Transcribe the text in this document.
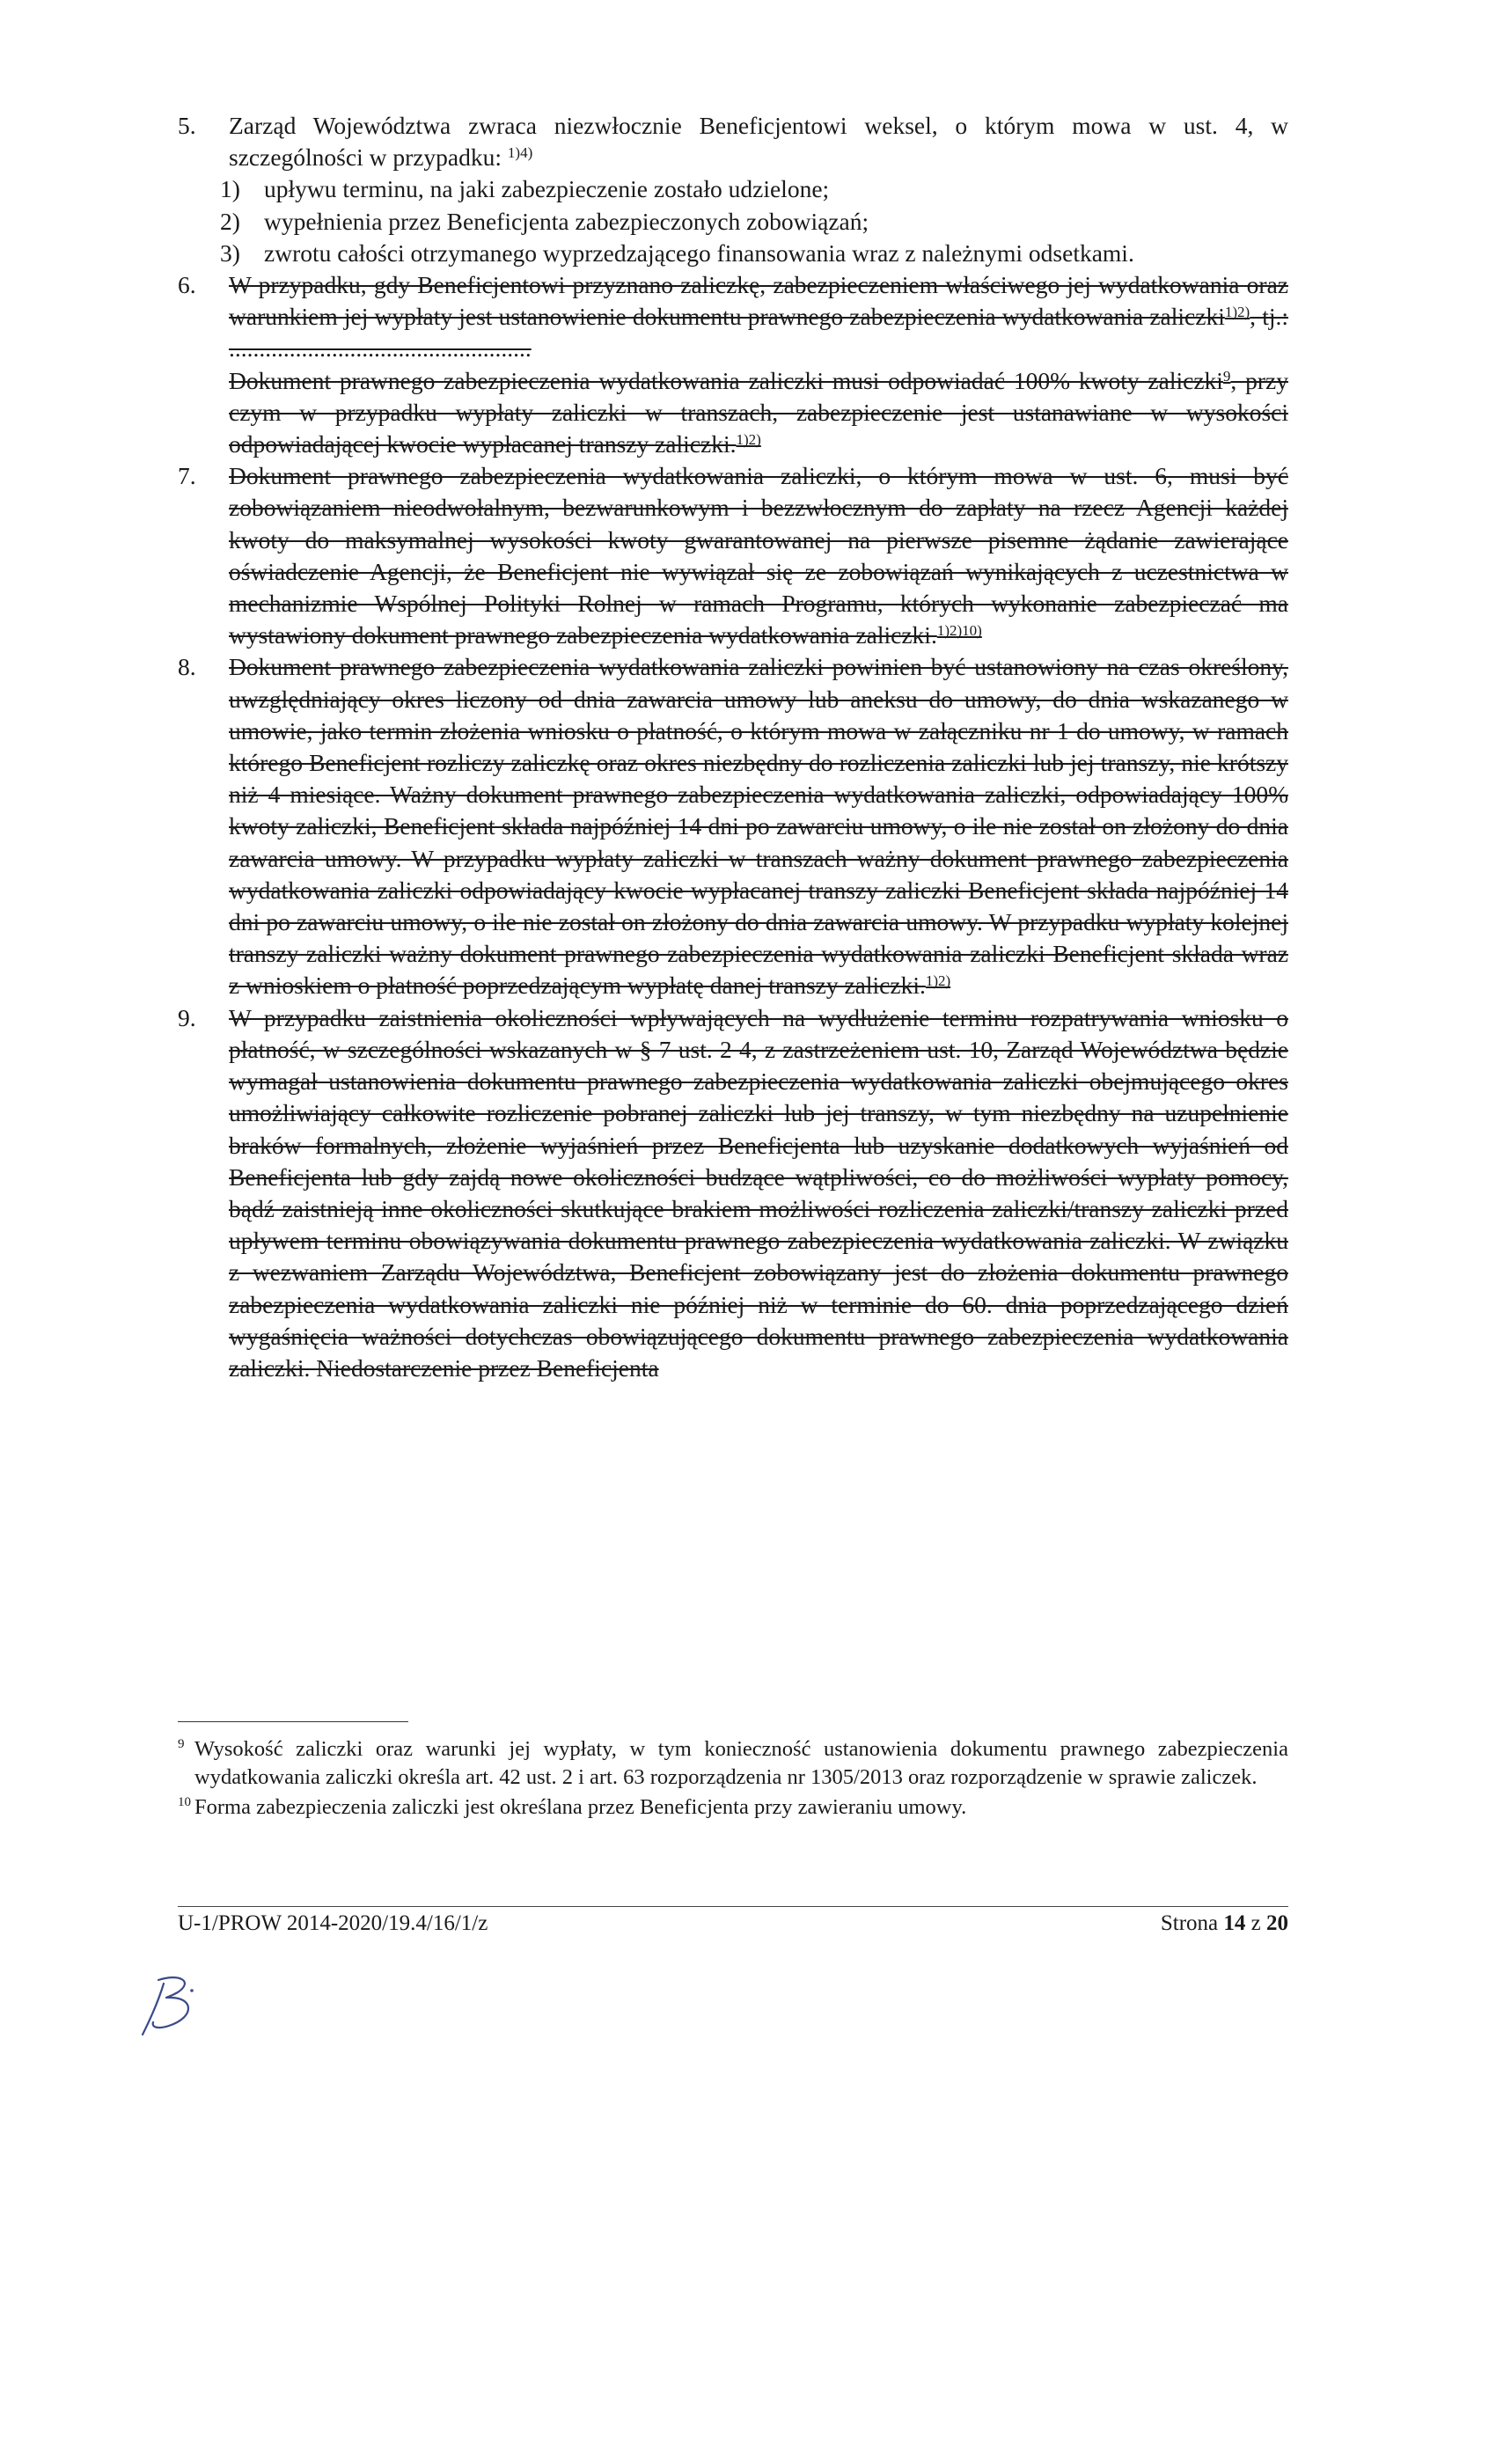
5. Zarząd Województwa zwraca niezwłocznie Beneficjentowi weksel, o którym mowa w ust. 4, w szczególności w przypadku: $^{1)4)}$
1) upływu terminu, na jaki zabezpieczenie zostało udzielone;
2) wypełnienia przez Beneficjenta zabezpieczonych zobowiązań;
3) zwrotu całości otrzymanego wyprzedzającego finansowania wraz z należnymi odsetkami.
6. W przypadku, gdy Beneficjentowi przyznano zaliczkę, zabezpieczeniem właściwego jej wydatkowania oraz warunkiem jej wypłaty jest ustanowienie dokumentu prawnego zabezpieczenia wydatkowania zaliczki$^{1)2)}$, tj.: ..................................................
Dokument prawnego zabezpieczenia wydatkowania zaliczki musi odpowiadać 100% kwoty zaliczki$^9$, przy czym w przypadku wypłaty zaliczki w transzach, zabezpieczenie jest ustanawiane w wysokości odpowiadającej kwocie wypłacanej transzy zaliczki.$^{1)2)}$
7. Dokument prawnego zabezpieczenia wydatkowania zaliczki, o którym mowa w ust. 6, musi być zobowiązaniem nieodwołalnym, bezwarunkowym i bezzwłocznym do zapłaty na rzecz Agencji każdej kwoty do maksymalnej wysokości kwoty gwarantowanej na pierwsze pisemne żądanie zawierające oświadczenie Agencji, że Beneficjent nie wywiązał się ze zobowiązań wynikających z uczestnictwa w mechanizmie Wspólnej Polityki Rolnej w ramach Programu, których wykonanie zabezpieczać ma wystawiony dokument prawnego zabezpieczenia wydatkowania zaliczki.$^{1)2)10)}$
8. Dokument prawnego zabezpieczenia wydatkowania zaliczki powinien być ustanowiony na czas określony, uwzględniający okres liczony od dnia zawarcia umowy lub aneksu do umowy, do dnia wskazanego w umowie, jako termin złożenia wniosku o płatność, o którym mowa w załączniku nr 1 do umowy, w ramach którego Beneficjent rozliczy zaliczkę oraz okres niezbędny do rozliczenia zaliczki lub jej transzy, nie krótszy niż 4 miesiące. Ważny dokument prawnego zabezpieczenia wydatkowania zaliczki, odpowiadający 100% kwoty zaliczki, Beneficjent składa najpóźniej 14 dni po zawarciu umowy, o ile nie został on złożony do dnia zawarcia umowy. W przypadku wypłaty zaliczki w transzach ważny dokument prawnego zabezpieczenia wydatkowania zaliczki odpowiadający kwocie wypłacanej transzy zaliczki Beneficjent składa najpóźniej 14 dni po zawarciu umowy, o ile nie został on złożony do dnia zawarcia umowy. W przypadku wypłaty kolejnej transzy zaliczki ważny dokument prawnego zabezpieczenia wydatkowania zaliczki Beneficjent składa wraz z wnioskiem o płatność poprzedzającym wypłatę danej transzy zaliczki.$^{1)2)}$
9. W przypadku zaistnienia okoliczności wpływających na wydłużenie terminu rozpatrywania wniosku o płatność, w szczególności wskazanych w § 7 ust. 2 4, z zastrzeżeniem ust. 10, Zarząd Województwa będzie wymagał ustanowienia dokumentu prawnego zabezpieczenia wydatkowania zaliczki obejmującego okres umożliwiający całkowite rozliczenie pobranej zaliczki lub jej transzy, w tym niezbędny na uzupełnienie braków formalnych, złożenie wyjaśnień przez Beneficjenta lub uzyskanie dodatkowych wyjaśnień od Beneficjenta lub gdy zajdą nowe okoliczności budzące wątpliwości, co do możliwości wypłaty pomocy, bądź zaistnieją inne okoliczności skutkujące brakiem możliwości rozliczenia zaliczki/transzy zaliczki przed upływem terminu obowiązywania dokumentu prawnego zabezpieczenia wydatkowania zaliczki. W związku z wezwaniem Zarządu Województwa, Beneficjent zobowiązany jest do złożenia dokumentu prawnego zabezpieczenia wydatkowania zaliczki nie później niż w terminie do 60. dnia poprzedzającego dzień wygaśnięcia ważności dotychczas obowiązującego dokumentu prawnego zabezpieczenia wydatkowania zaliczki. Niedostarczenie przez Beneficjenta
9 Wysokość zaliczki oraz warunki jej wypłaty, w tym konieczność ustanowienia dokumentu prawnego zabezpieczenia wydatkowania zaliczki określa art. 42 ust. 2 i art. 63 rozporządzenia nr 1305/2013 oraz rozporządzenie w sprawie zaliczek.
10 Forma zabezpieczenia zaliczki jest określana przez Beneficjenta przy zawieraniu umowy.
U-1/PROW 2014-2020/19.4/16/1/z	Strona 14 z 20
